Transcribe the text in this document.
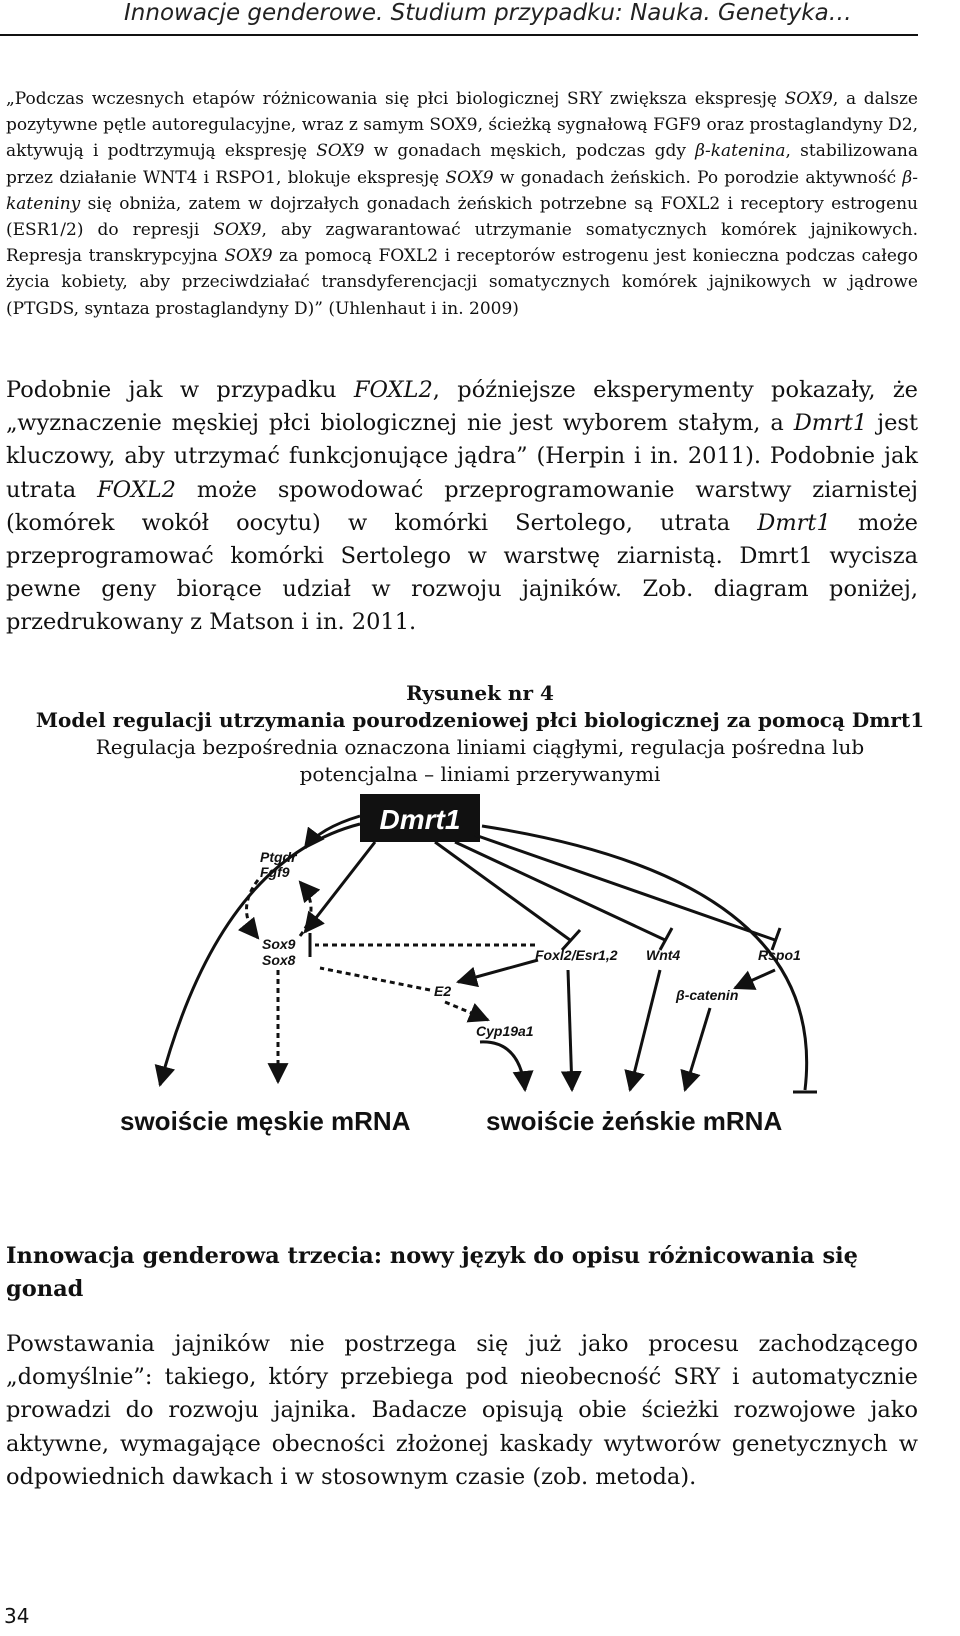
Innowacje genderowe. Studium przypadku: Nauka. Genetyka…

„Podczas wczesnych etapów różnicowania się płci biologicznej SRY zwiększa ekspresję SOX9, a dalsze pozytywne pętle autoregulacyjne, wraz z samym SOX9, ścieżką sygnałową FGF9 oraz prostaglandyny D2, aktywują i podtrzymują ekspresję SOX9 w gonadach męskich, podczas gdy β-katenina, stabilizowana przez działanie WNT4 i RSPO1, blokuje ekspresję SOX9 w gonadach żeńskich. Po porodzie aktywność β-kateniny się obniża, zatem w dojrzałych gonadach żeńskich potrzebne są FOXL2 i receptory estrogenu (ESR1/2) do represji SOX9, aby zagwarantować utrzymanie somatycznych komórek jajnikowych. Represja transkrypcyjna SOX9 za pomocą FOXL2 i receptorów estrogenu jest konieczna podczas całego życia kobiety, aby przeciwdziałać transdyferencjacji somatycznych komórek jajnikowych w jądrowe (PTGDS, syntaza prostaglandyny D)” (Uhlenhaut i in. 2009)

Podobnie jak w przypadku FOXL2, późniejsze eksperymenty pokazały, że „wyznaczenie męskiej płci biologicznej nie jest wyborem stałym, a Dmrt1 jest kluczowy, aby utrzymać funkcjonujące jądra” (Herpin i in. 2011). Podobnie jak utrata FOXL2 może spowodować przeprogramowanie warstwy ziarnistej (komórek wokół oocytu) w komórki Sertolego, utrata Dmrt1 może przeprogramować komórki Sertolego w warstwę ziarnistą. Dmrt1 wycisza pewne geny biorące udział w rozwoju jajników. Zob. diagram poniżej, przedrukowany z Matson i in. 2011.

Rysunek nr 4
Model regulacji utrzymania pourodzeniowej płci biologicznej za pomocą Dmrt1
Regulacja bezpośrednia oznaczona liniami ciągłymi, regulacja pośredna lub
potencjalna – liniami przerywanymi
Dmrt1
Ptgdr
Fgf9
Sox9
Sox8	Foxl2/Esr1,2 Wnt4	Rspo1
β-catenin
E2
Cyp19a1
swoiście męskie mRNA	swoiście żeńskie mRNA
Innowacja genderowa trzecia: nowy język do opisu różnicowania się gonad

Powstawania jajników nie postrzega się już jako procesu zachodzącego „domyślnie”: takiego, który przebiega pod nieobecność SRY i automatycznie prowadzi do rozwoju jajnika. Badacze opisują obie ścieżki rozwojowe jako aktywne, wymagające obecności złożonej kaskady wytworów genetycznych w odpowiednich dawkach i w stosownym czasie (zob. metoda).

34
